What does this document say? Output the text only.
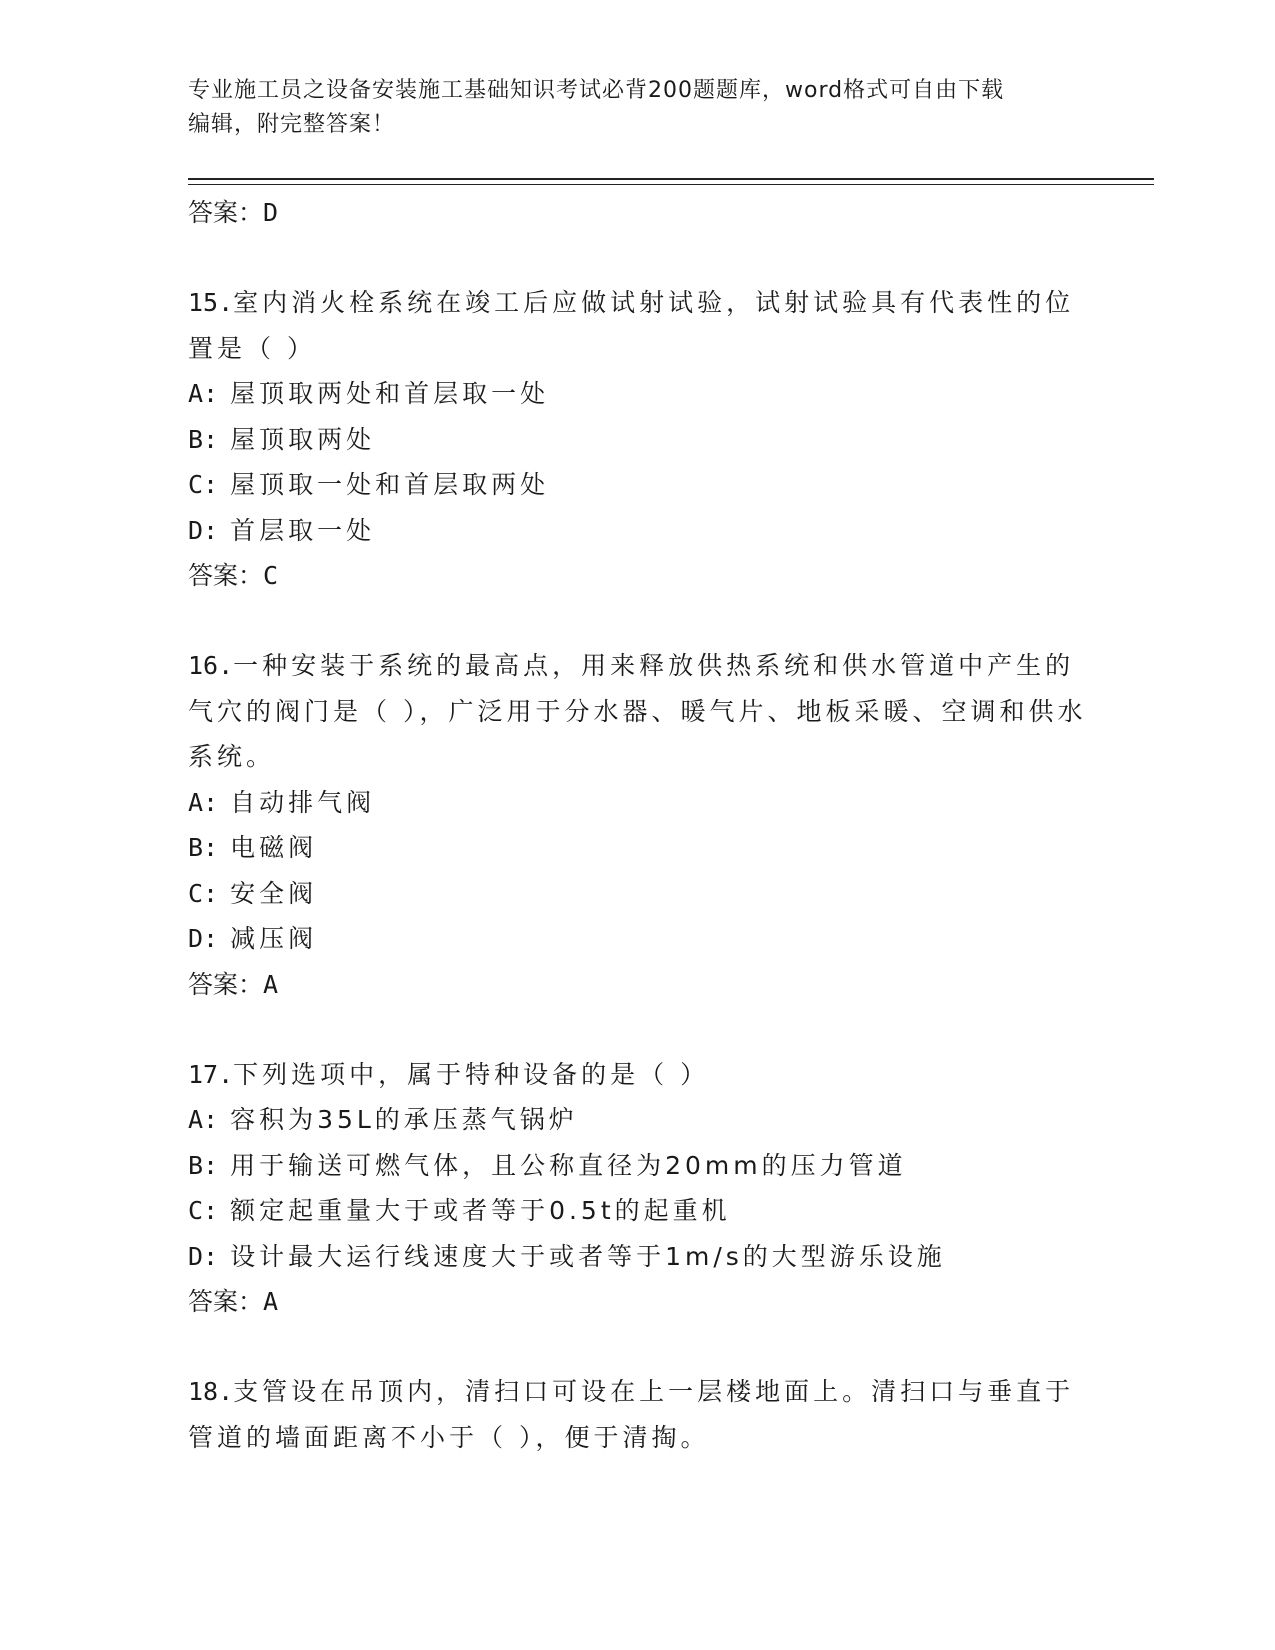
专业施工员之设备安装施工基础知识考试必背200题题库，word格式可自由下载
编辑，附完整答案！
答案：D
15.室内消火栓系统在竣工后应做试射试验，试射试验具有代表性的位置是（ ）
A: 屋顶取两处和首层取一处
B: 屋顶取两处
C: 屋顶取一处和首层取两处
D: 首层取一处
答案：C
16.一种安装于系统的最高点，用来释放供热系统和供水管道中产生的气穴的阀门是（ ），广泛用于分水器、暖气片、地板采暖、空调和供水系统。
A: 自动排气阀
B: 电磁阀
C: 安全阀
D: 减压阀
答案：A
17.下列选项中，属于特种设备的是（ ）
A: 容积为35L的承压蒸气锅炉
B: 用于输送可燃气体，且公称直径为20mm的压力管道
C: 额定起重量大于或者等于0.5t的起重机
D: 设计最大运行线速度大于或者等于1m/s的大型游乐设施
答案：A
18.支管设在吊顶内，清扫口可设在上一层楼地面上。清扫口与垂直于管道的墙面距离不小于（ ），便于清掏。
